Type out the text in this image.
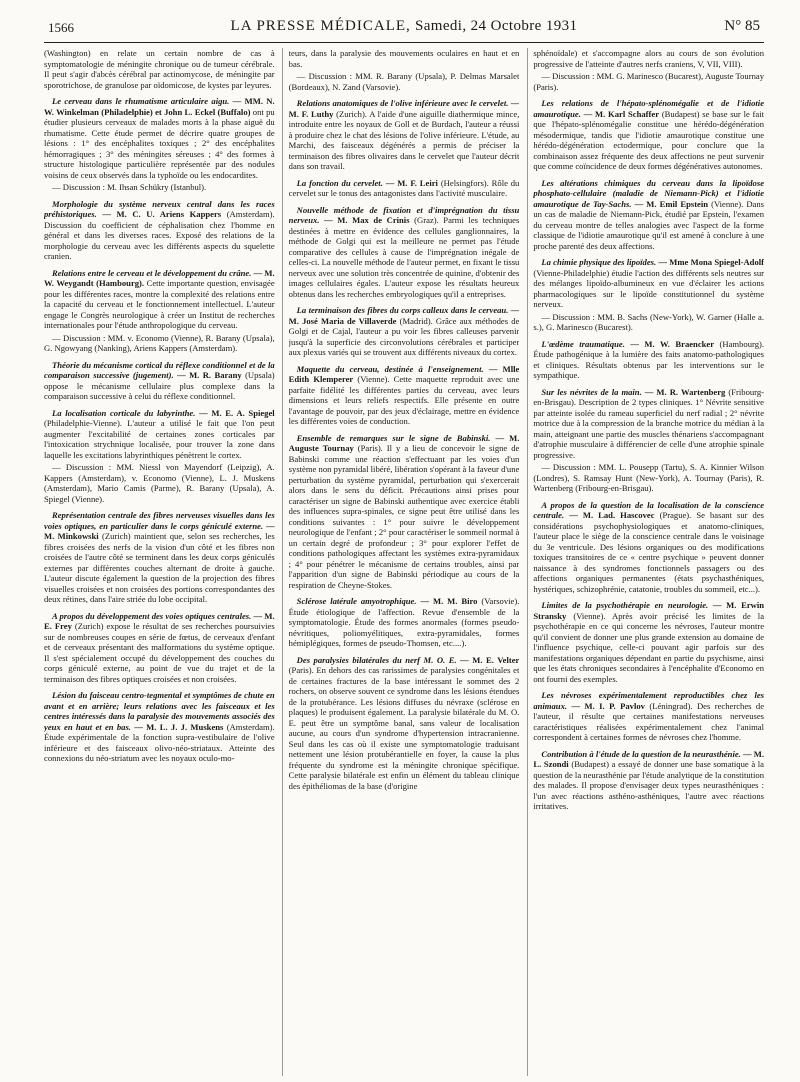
1566	LA PRESSE MÉDICALE, Samedi, 24 Octobre 1931	N° 85

(Washington) en relate un certain nombre de cas à symptomatologie de méningite chronique ou de tumeur cérébrale. Il peut s'agir d'abcès cérébral par actinomycose, de méningite par sporotrichose, de granulose par oïdomicose, de kystes par leyures.

Le cerveau dans le rhumatisme articulaire aigu. — MM. N. W. Winkelman (Philadelphie) et John L. Eckel (Buffalo) ont pu étudier plusieurs cerveaux de malades morts à la phase aiguë du rhumatisme. Cette étude permet de décrire quatre groupes de lésions : 1° des encéphalites toxiques ; 2° des encéphalites hémorragiques ; 3° des méningites séreuses ; 4° des formes à structure histologique particulière représentée par des nodules voisins de ceux observés dans la typhoïde ou les endocardites.

— Discussion : M. Ihsan Schükry (Istanbul).

Morphologie du système nerveux central dans les races préhistoriques. — M. C. U. Ariens Kappers (Amsterdam). Discussion du coefficient de céphalisation chez l'homme en général et dans les diverses races. Exposé des relations de la morphologie du cerveau avec les différents aspects du squelette cranien.

Relations entre le cerveau et le développement du crâne. — M. W. Weygandt (Hambourg). Cette importante question, envisagée pour les différentes races, montre la complexité des relations entre la capacité du cerveau et le fonctionnement intellectuel. L'auteur engage le Congrès neurologique à créer un Institut de recherches internationales pour l'étude anthropologique du cerveau.

— Discussion : MM. v. Economo (Vienne), R. Barany (Upsala), G. Ngowyang (Nanking), Ariens Kappers (Amsterdam).

Théorie du mécanisme cortical du réflexe conditionnel et de la comparaison successive (jugement). — M. R. Barany (Upsala) oppose le mécanisme cellulaire plus complexe dans la comparaison successive à celui du réflexe conditionnel.

La localisation corticale du labyrinthe. — M. E. A. Spiegel (Philadelphie-Vienne). L'auteur a utilisé le fait que l'on peut augmenter l'excitabilité de certaines zones corticales par l'intoxication strychnique localisée, pour trouver la zone dans laquelle les excitations labyrinthiques pénètrent le cortex.

— Discussion : MM. Niessl von Mayendorf (Leipzig), A. Kappers (Amsterdam), v. Economo (Vienne), L. J. Muskens (Amsterdam), Mario Camis (Parme), R. Barany (Upsala), A. Spiegel (Vienne).

Représentation centrale des fibres nerveuses visuelles dans les voies optiques, en particulier dans le corps géniculé externe. — M. Minkowski (Zurich) maintient que, selon ses recherches, les fibres croisées des nerfs de la vision d'un côté et les fibres non croisées de l'autre côté se terminent dans les deux corps géniculés externes par différentes couches alternant de droite à gauche. L'auteur discute également la question de la projection des fibres visuelles croisées et non croisées des portions correspondantes des deux rétines, dans l'aire striée du lobe occipital.

A propos du développement des voies optiques centrales. — M. E. Frey (Zurich) expose le résultat de ses recherches poursuivies sur de nombreuses coupes en série de fœtus, de cerveaux d'enfant et de cerveaux présentant des malformations du système optique. Il s'est spécialement occupé du développement des couches du corps géniculé externe, au point de vue du trajet et de la terminaison des fibres optiques croisées et non croisées.

Lésion du faisceau centro-tegmental et symptômes de chute en avant et en arrière; leurs relations avec les faisceaux et les centres intéressés dans la paralysie des mouvements associés des yeux en haut et en bas. — M. L. J. J. Muskens (Amsterdam). Étude expérimentale de la fonction supra-vestibulaire de l'olive inférieure et des faisceaux olivo-néo-striataux. Atteinte des connexions du néo-striatum avec les noyaux oculo-mo-

teurs, dans la paralysie des mouvements oculaires en haut et en bas.

— Discussion : MM. R. Barany (Upsala), P. Delmas Marsalet (Bordeaux), N. Zand (Varsovie).

Relations anatomiques de l'olive inférieure avec le cervelet. — M. F. Luthy (Zurich). A l'aide d'une aiguille diathermique mince, introduite entre les noyaux de Goll et de Burdach, l'auteur a réussi à produire chez le chat des lésions de l'olive inférieure. L'étude, au Marchi, des faisceaux dégénérés a permis de préciser la terminaison des fibres olivaires dans le cervelet que l'auteur décrit dans son travail.

La fonction du cervelet. — M. F. Leiri (Helsingfors). Rôle du cervelet sur le tonus des antagonistes dans l'activité musculaire.

Nouvelle méthode de fixation et d'imprégnation du tissu nerveux. — M. Max de Crinis (Graz). Parmi les techniques destinées à mettre en évidence des cellules ganglionnaires, la méthode de Golgi qui est la meilleure ne permet pas l'étude comparative des cellules à cause de l'imprégnation inégale de celles-ci. La nouvelle méthode de l'auteur permet, en fixant le tissu nerveux avec une solution très concentrée de quinine, d'obtenir des images cellulaires égales. L'auteur expose les résultats heureux obtenus dans les recherches embryologiques qu'il a entreprises.

La terminaison des fibres du corps calleux dans le cerveau. — M. José Maria de Villaverde (Madrid). Grâce aux méthodes de Golgi et de Cajal, l'auteur a pu voir les fibres calleuses parvenir jusqu'à la superficie des circonvolutions cérébrales et participer aux plexus variés qui se trouvent aux différents niveaux du cortex.

Maquette du cerveau, destinée à l'enseignement. — Mlle Edith Klemperer (Vienne). Cette maquette reproduit avec une parfaite fidélité les différentes parties du cerveau, avec leurs dimensions et leurs reliefs respectifs. Elle présente en outre l'avantage de pouvoir, par des jeux d'éclairage, mettre en évidence les différentes voies de conduction.

Ensemble de remarques sur le signe de Babinski. — M. Auguste Tournay (Paris). Il y a lieu de concevoir le signe de Babinski comme une réaction s'effectuant par les voies d'un système non pyramidal libéré, libération s'opérant à la faveur d'une perturbation du système pyramidal, perturbation qui s'exercerait alors dans le sens du déficit. Précautions ainsi prises pour caractériser un signe de Babinski authentique avec exercice établi des influences supra-spinales, ce signe peut être utilisé dans les conditions suivantes : 1° pour suivre le développement neurologique de l'enfant ; 2° pour caractériser le sommeil normal à un certain degré de profondeur ; 3° pour explorer l'effet de conditions pathologiques affectant les systèmes extra-pyramidaux ; 4° pour pénétrer le mécanisme de certains troubles, ainsi par l'apparition d'un signe de Babinski périodique au cours de la respiration de Cheyne-Stokes.

Sclérose latérale amyotrophique. — M. M. Biro (Varsovie). Étude étiologique de l'affection. Revue d'ensemble de la symptomatologie. Étude des formes anormales (formes pseudo-névritiques, poliomyélitiques, extra-pyramidales, formes hémiplégiques, formes de pseudo-Thomsen, etc....).

Des paralysies bilatérales du nerf M. O. E. — M. E. Velter (Paris). En dehors des cas rarissimes de paralysies congénitales et de certaines fractures de la base intéressant le sommet des 2 rochers, on observe souvent ce syndrome dans les lésions étendues de la protubérance. Les lésions diffuses du névraxe (sclérose en plaques) le produisent également. La paralysie bilatérale du M. O. E. peut être un symptôme banal, sans valeur de localisation aucune, au cours d'un syndrome d'hypertension intracranienne. Seul dans les cas où il existe une symptomatologie traduisant nettement une lésion protubérantielle en foyer, la cause la plus fréquente du syndrome est la méningite chronique spécifique. Cette paralysie bilatérale est enfin un élément du tableau clinique des épithéliomas de la base (d'origine

sphénoïdale) et s'accompagne alors au cours de son évolution progressive de l'atteinte d'autres nerfs craniens, V, VII, VIII).

— Discussion : MM. G. Marinesco (Bucarest), Auguste Tournay (Paris).

Les relations de l'hépato-splénomégalie et de l'idiotie amaurotique. — M. Karl Schaffer (Budapest) se base sur le fait que l'hépato-splénomégalie constitue une hérédo-dégénération mésodermique, tandis que l'idiotie amaurotique constitue une hérédo-dégénération ectodermique, pour conclure que la combinaison assez fréquente des deux affections ne peut survenir que comme coïncidence de deux formes dégénératives autonomes.

Les altérations chimiques du cerveau dans la lipoïdose phosphato-cellulaire (maladie de Niemann-Pick) et l'idiotie amaurotique de Tay-Sachs. — M. Emil Epstein (Vienne). Dans un cas de maladie de Niemann-Pick, étudié par Epstein, l'examen du cerveau montre de telles analogies avec l'aspect de la forme classique de l'idiotie amaurotique qu'il est amené à conclure à une proche parenté des deux affections.

La chimie physique des lipoïdes. — Mme Mona Spiegel-Adolf (Vienne-Philadelphie) étudie l'action des différents sels neutres sur des mélanges lipoïdo-albumineux en vue d'éclairer les actions pharmacologiques sur le lipoïde constitutionnel du système nerveux.

— Discussion : MM. B. Sachs (New-York), W. Garner (Halle a. s.), G. Marinesco (Bucarest).

L'œdème traumatique. — M. W. Braencker (Hambourg). Étude pathogénique à la lumière des faits anatomo-pathologiques et cliniques. Résultats obtenus par les interventions sur le sympathique.

Sur les névrites de la main. — M. R. Wartenberg (Fribourg-en-Brisgau). Description de 2 types cliniques. 1° Névrite sensitive par atteinte isolée du rameau superficiel du nerf radial ; 2° névrite motrice due à la compression de la branche motrice du médian à la main, atteignant une partie des muscles thénariens s'accompagnant d'atrophie musculaire à différencier de celle d'une atrophie spinale progressive.

— Discussion : MM. L. Pousepp (Tartu), S. A. Kinnier Wilson (Londres), S. Ramsay Hunt (New-York), A. Tournay (Paris), R. Wartenberg (Fribourg-en-Brisgau).

A propos de la question de la localisation de la conscience centrale. — M. Lad. Hascovec (Prague). Se basant sur des considérations psychophysiologiques et anatomo-cliniques, l'auteur place le siège de la conscience centrale dans le voisinage du 3e ventricule. Des lésions organiques ou des modifications toxiques transitoires de ce « centre psychique » peuvent donner naissance à des syndromes fonctionnels passagers ou des affections organiques permanentes (états psychasthéniques, hystériques, schizophrénie, catatonie, troubles du sommeil, etc...).

Limites de la psychothérapie en neurologie. — M. Erwin Stransky (Vienne). Après avoir précisé les limites de la psychothérapie en ce qui concerne les névroses, l'auteur montre qu'il convient de donner une plus grande extension au domaine de l'influence psychique, celle-ci pouvant agir parfois sur des manifestations organiques dépendant en partie du psychisme, ainsi que les états chroniques secondaires à l'encéphalite d'Economo en ont fourni des exemples.

Les névroses expérimentalement reproductibles chez les animaux. — M. I. P. Pavlov (Léningrad). Des recherches de l'auteur, il résulte que certaines manifestations nerveuses caractéristiques réalisées expérimentalement chez l'animal correspondent à certaines formes de névroses chez l'homme.

Contribution à l'étude de la question de la neurasthénie. — M. L. Szondi (Budapest) a essayé de donner une base somatique à la question de la neurasthénie par l'étude analytique de la constitution des malades. Il propose d'envisager deux types neurasthéniques : l'un avec réactions asthéno-asthéniques, l'autre avec réactions irritatives.
